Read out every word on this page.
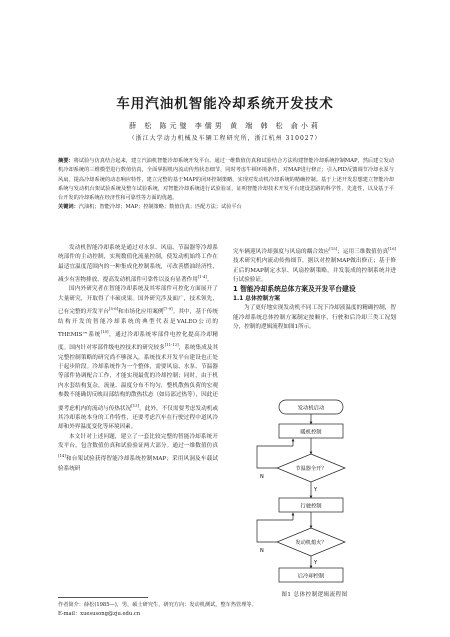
车用汽油机智能冷却系统开发技术
薛 松 陈元璧 李儒男 黄 端 韩 松 俞小莉
（浙江大学动力机械及车辆工程研究所，浙江杭州 310027）

摘要：将试验与仿真结合起来，建立汽油机智能冷却系统开发平台。通过一维数值仿真和试验结合方法构建智能冷却系统控制MAP，然后建立发动机冷却系统的三维模型进行数值仿真，全面掌握机内流动传热状态细节，同时考虑牛顿环境条件，对MAP进行修正；引入PID反馈调节冷却水泵与风扇，提高冷却系统的动态响应特性，建立完整的基于MAP的闭环控制策略，实现对发动机冷却系统的精确控制。基于上述开发思想建立智能冷却系统与发动机台架试验系统及整车试验系统，对智能冷却系统进行试验验证，证明智能冷却技术开发平台建设思路的科学性、先进性，以及基于平台开发的冷却系统在经济性和可靠性等方面的优越。

关键词：汽油机；智能冷却；MAP；控制策略；数值仿真；匹配方法；试验平台

发动机智能冷却系统是通过对水泵、风扇、节温器等冷却系统部件的主动控制，实现数值化流量控制，使发动机始终工作在最适宜温度范围内的一种集成化控制系统，可改善燃油经济性、减少有害物排放、提高发动机部件可靠性以及有显著作用[1-4]。

国内外研究者在智能冷却系统及其零部件可控化方面展开了大量研究，开取得了丰硕成果。国外研究涉及面广，技术领先，已有完整的开发平台[5-6]和市场化应用案例[7-9]。其中，基于传统结构开发的智能冷却系统的典型代表是VALEO公司的THEMIS™系统[10]，通过冷却系统零部件电控化提高冷却精度。国内针对零部件级电控技术的研究较多[11-12]，系统集成及其完整控制策略的研究尚不够深入，系统技术开发平台建设也正处于起步阶段。冷却系统作为一个整体，需要风扇、水泵、节温器等部件协调配合工作，才能实现最优的冷却控制；同时，由于机内水套结构复杂，流量、温度分布不均匀，整机散热负荷的宏观参数不能确切反映局部结构的散热状态（如局部过热等），因此还要考虑机内的流动与传热状况[13]。此外，不仅需要考虑发动机或其冷却系统本身的工作特性，还要考虑汽车在行驶过程中道风冷却和外界温度变化等环境因素。

本文针对上述问题，建立了一套比较完整的智能冷却系统开发平台，包含数值仿真和试验验证两大部分。通过一维数值仿真[14]和台架试验获得智能冷却系统控制MAP；采用风洞及车载试验系统研

究车辆迎风冷却强度与风扇的耦合效应[15]；运用三维数值仿真[16]技术研究机内流动传热细节，据以对控制MAP做出修正；基于修正后的MAP制定水泵、风扇控制策略，并发装成的控制系统并进行试验验证。

1 智能冷却系统总体方案及开发平台建设

1.1 总体控制方案

为了更好地实现发动机不同工况下冷却液温度的精确控制，智能冷却系统总体控制方案制定按顺序，行驶和后冷却三类工况划分，控制的逻辑流程如图1所示。

发动机启动
暖机控制
节温器全开？
N
Y
行驶控制
发动机熄火？
N
Y
后冷却控制
图1 总体控制逻辑流程图
作者简介：薛松(1985—)，男，硕士研究生，研究方向：发动机测试，整车热管理等。
E-mail：xuesusong@zju.edu.cn
